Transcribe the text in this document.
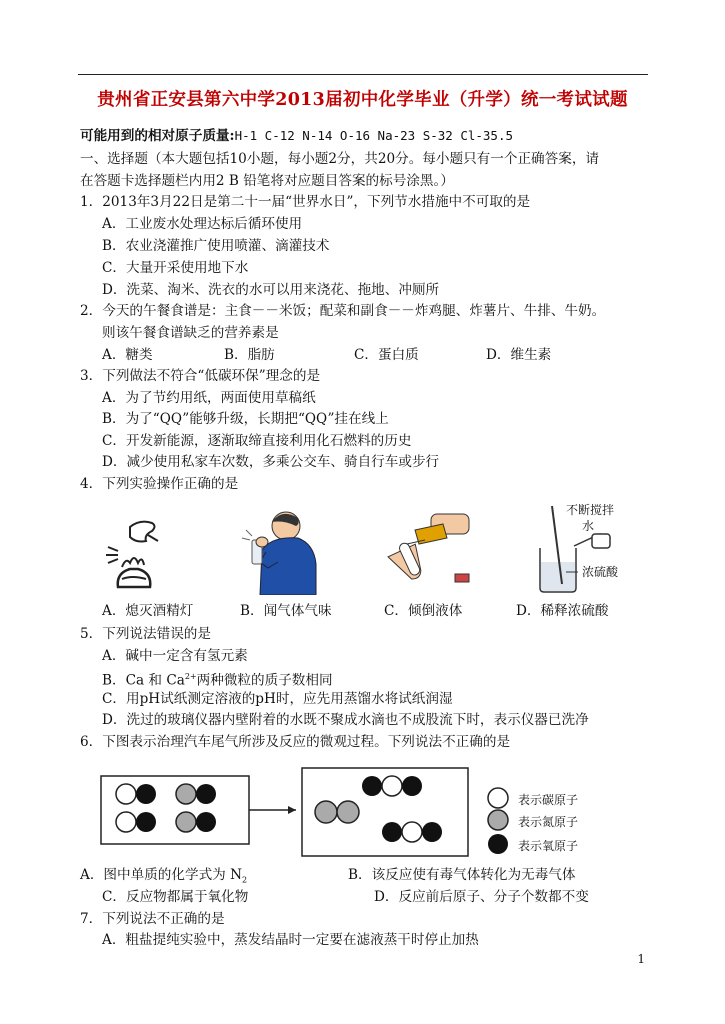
贵州省正安县第六中学2013届初中化学毕业（升学）统一考试试题
可能用到的相对原子质量:H-1 C-12 N-14 O-16 Na-23 S-32 Cl-35.5
一、选择题（本大题包括10小题，每小题2分，共20分。每小题只有一个正确答案，请
在答题卡选择题栏内用2 B 铅笔将对应题目答案的标号涂黑。）
1．2013年3月22日是第二十一届“世界水日”，下列节水措施中不可取的是
A．工业废水处理达标后循环使用
B．农业浇灌推广使用喷灌、滴灌技术
C．大量开采使用地下水
D．洗菜、淘米、洗衣的水可以用来浇花、拖地、冲厕所
2．今天的午餐食谱是：主食－－米饭；配菜和副食－－炸鸡腿、炸薯片、牛排、牛奶。
则该午餐食谱缺乏的营养素是
A．糖类	B．脂肪	C．蛋白质	D．维生素
3．下列做法不符合“低碳环保”理念的是
A．为了节约用纸，两面使用草稿纸
B．为了“QQ”能够升级，长期把“QQ”挂在线上
C．开发新能源，逐渐取缔直接利用化石燃料的历史
D．减少使用私家车次数，多乘公交车、骑自行车或步行
4．下列实验操作正确的是
不断搅拌
水
浓硫酸
A．熄灭酒精灯	B．闻气体气味	C．倾倒液体	D．稀释浓硫酸
5．下列说法错误的是
A．碱中一定含有氢元素
B．Ca 和 $Ca^{2+}$两种微粒的质子数相同
C．用pH试纸测定溶液的pH时，应先用蒸馏水将试纸润湿
D．洗过的玻璃仪器内壁附着的水既不聚成水滴也不成股流下时，表示仪器已洗净
6．下图表示治理汽车尾气所涉及反应的微观过程。下列说法不正确的是
表示碳原子
表示氮原子
表示氧原子
A．图中单质的化学式为 $N_2$	B．该反应使有毒气体转化为无毒气体
C．反应物都属于氧化物	D．反应前后原子、分子个数都不变
7．下列说法不正确的是
A．粗盐提纯实验中，蒸发结晶时一定要在滤液蒸干时停止加热
1
